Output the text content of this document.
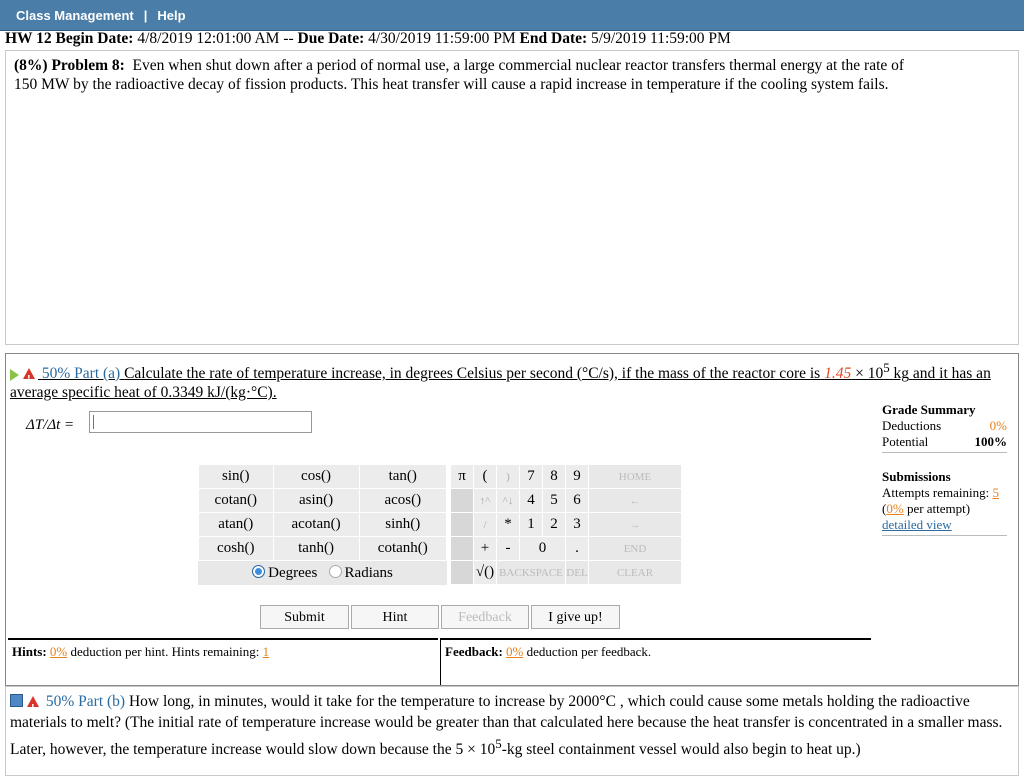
Class Management | Help
HW 12 Begin Date: 4/8/2019 12:01:00 AM -- Due Date: 4/30/2019 11:59:00 PM End Date: 5/9/2019 11:59:00 PM
(8%) Problem 8: Even when shut down after a period of normal use, a large commercial nuclear reactor transfers thermal energy at the rate of 150 MW by the radioactive decay of fission products. This heat transfer will cause a rapid increase in temperature if the cooling system fails.
! 50% Part (a) Calculate the rate of temperature increase, in degrees Celsius per second (°C/s), if the mass of the reactor core is $1.45 \times 10^5$ kg and it has an average specific heat of 0.3349 kJ/(kg·°C).
ΔT/Δt =
sin()	cos()	tan()
cotan()	asin()	acos()
atan()	acotan()	sinh()
cosh()	tanh()	cotanh()
Degrees Radians
π	(	)	7	8	9	HOME
	↑^	^↓	4	5	6	←
	/	*	1	2	3	→
	+	-	0		.	END
	√()	BACKSPACE			DEL	CLEAR
Submit	Hint	Feedback	I give up!
Hints: 0% deduction per hint. Hints remaining: 1	Feedback: 0% deduction per feedback.
Grade Summary
Deductions	0%
Potential	100%
Submissions
Attempts remaining: 5
(0% per attempt)
detailed view
! 50% Part (b) How long, in minutes, would it take for the temperature to increase by 2000°C , which could cause some metals holding the radioactive materials to melt? (The initial rate of temperature increase would be greater than that calculated here because the heat transfer is concentrated in a smaller mass. Later, however, the temperature increase would slow down because the $5 \times 10^5-kg$ steel containment vessel would also begin to heat up.)
